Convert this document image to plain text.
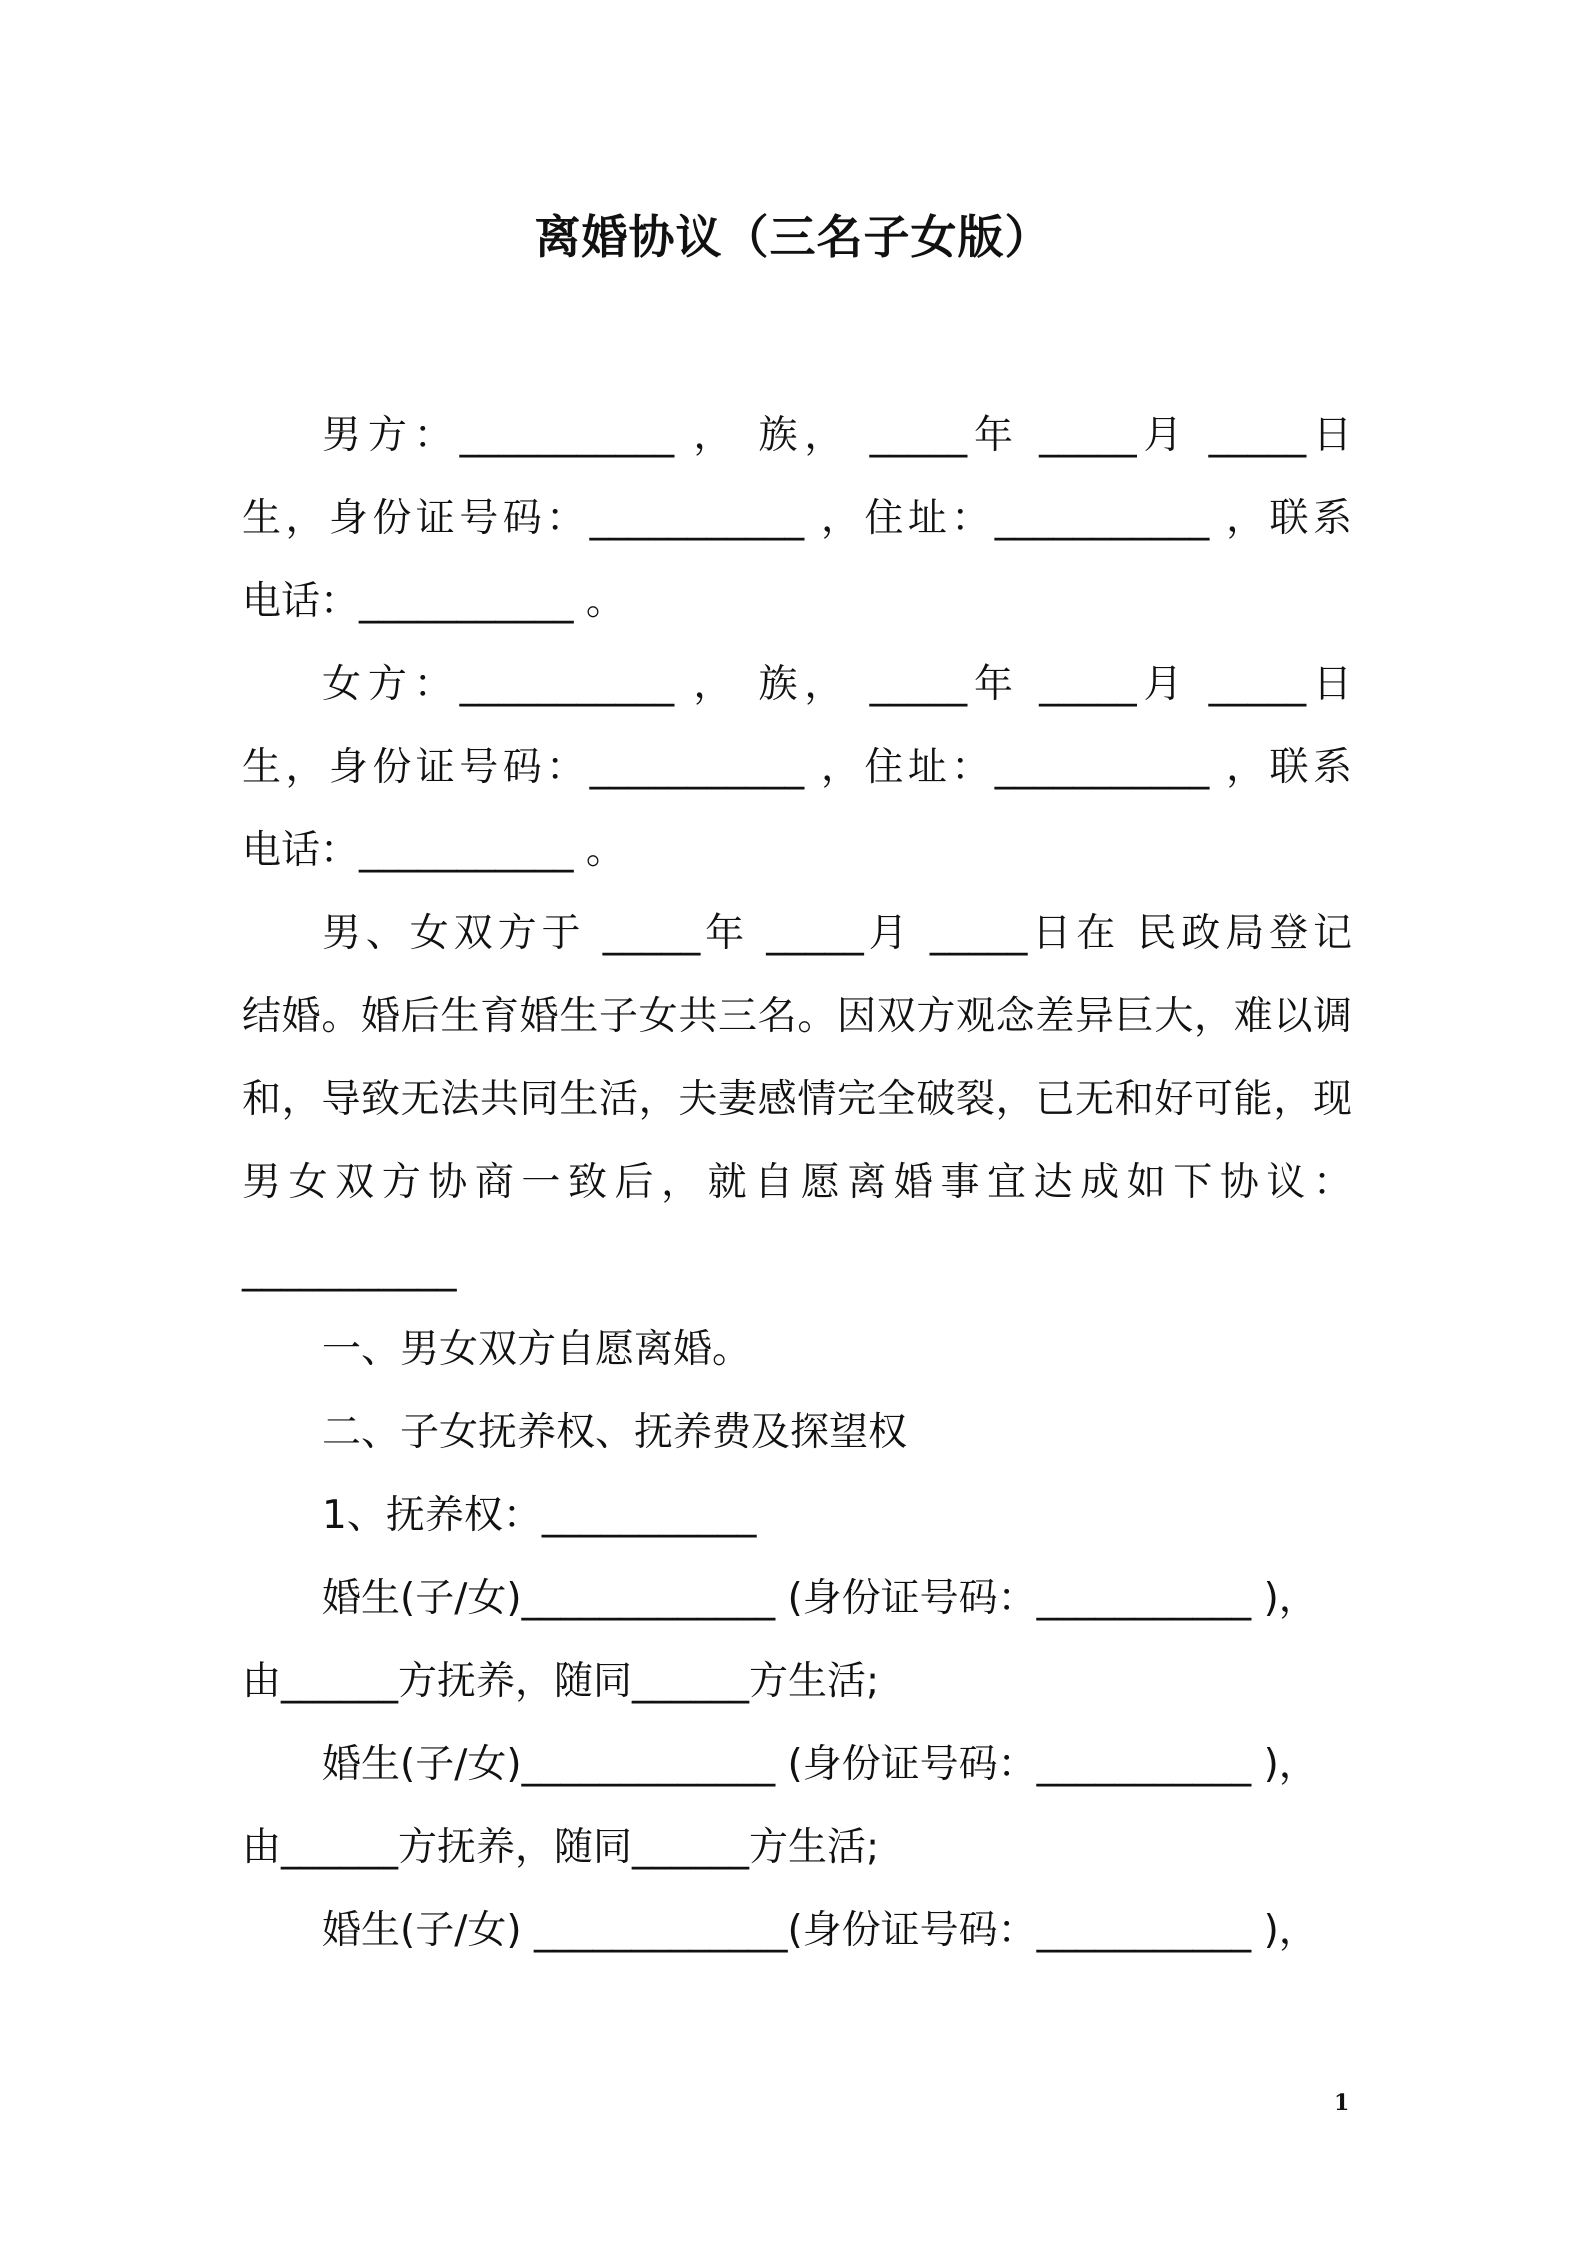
离婚协议（三名子女版）
男方：___________ ， 族， _____年 _____月 _____日
生，身份证号码：___________ ，住址：___________ ，联系
电话：___________ 。
女方：___________ ， 族， _____年 _____月 _____日
生，身份证号码：___________ ，住址：___________ ，联系
电话：___________ 。
男、女双方于 _____年 _____月 _____日在 民政局登记
结婚。婚后生育婚生子女共三名。因双方观念差异巨大，难以调
和，导致无法共同生活，夫妻感情完全破裂，已无和好可能，现
男女双方协商一致后，就自愿离婚事宜达成如下协议：
___________
一、男女双方自愿离婚。
二、子女抚养权、抚养费及探望权
1、抚养权：___________
婚生(子/女)_____________ (身份证号码：___________ )，
由______方抚养，随同______方生活;
婚生(子/女)_____________ (身份证号码：___________ )，
由______方抚养，随同______方生活;
婚生(子/女) _____________(身份证号码：___________ )，
1
